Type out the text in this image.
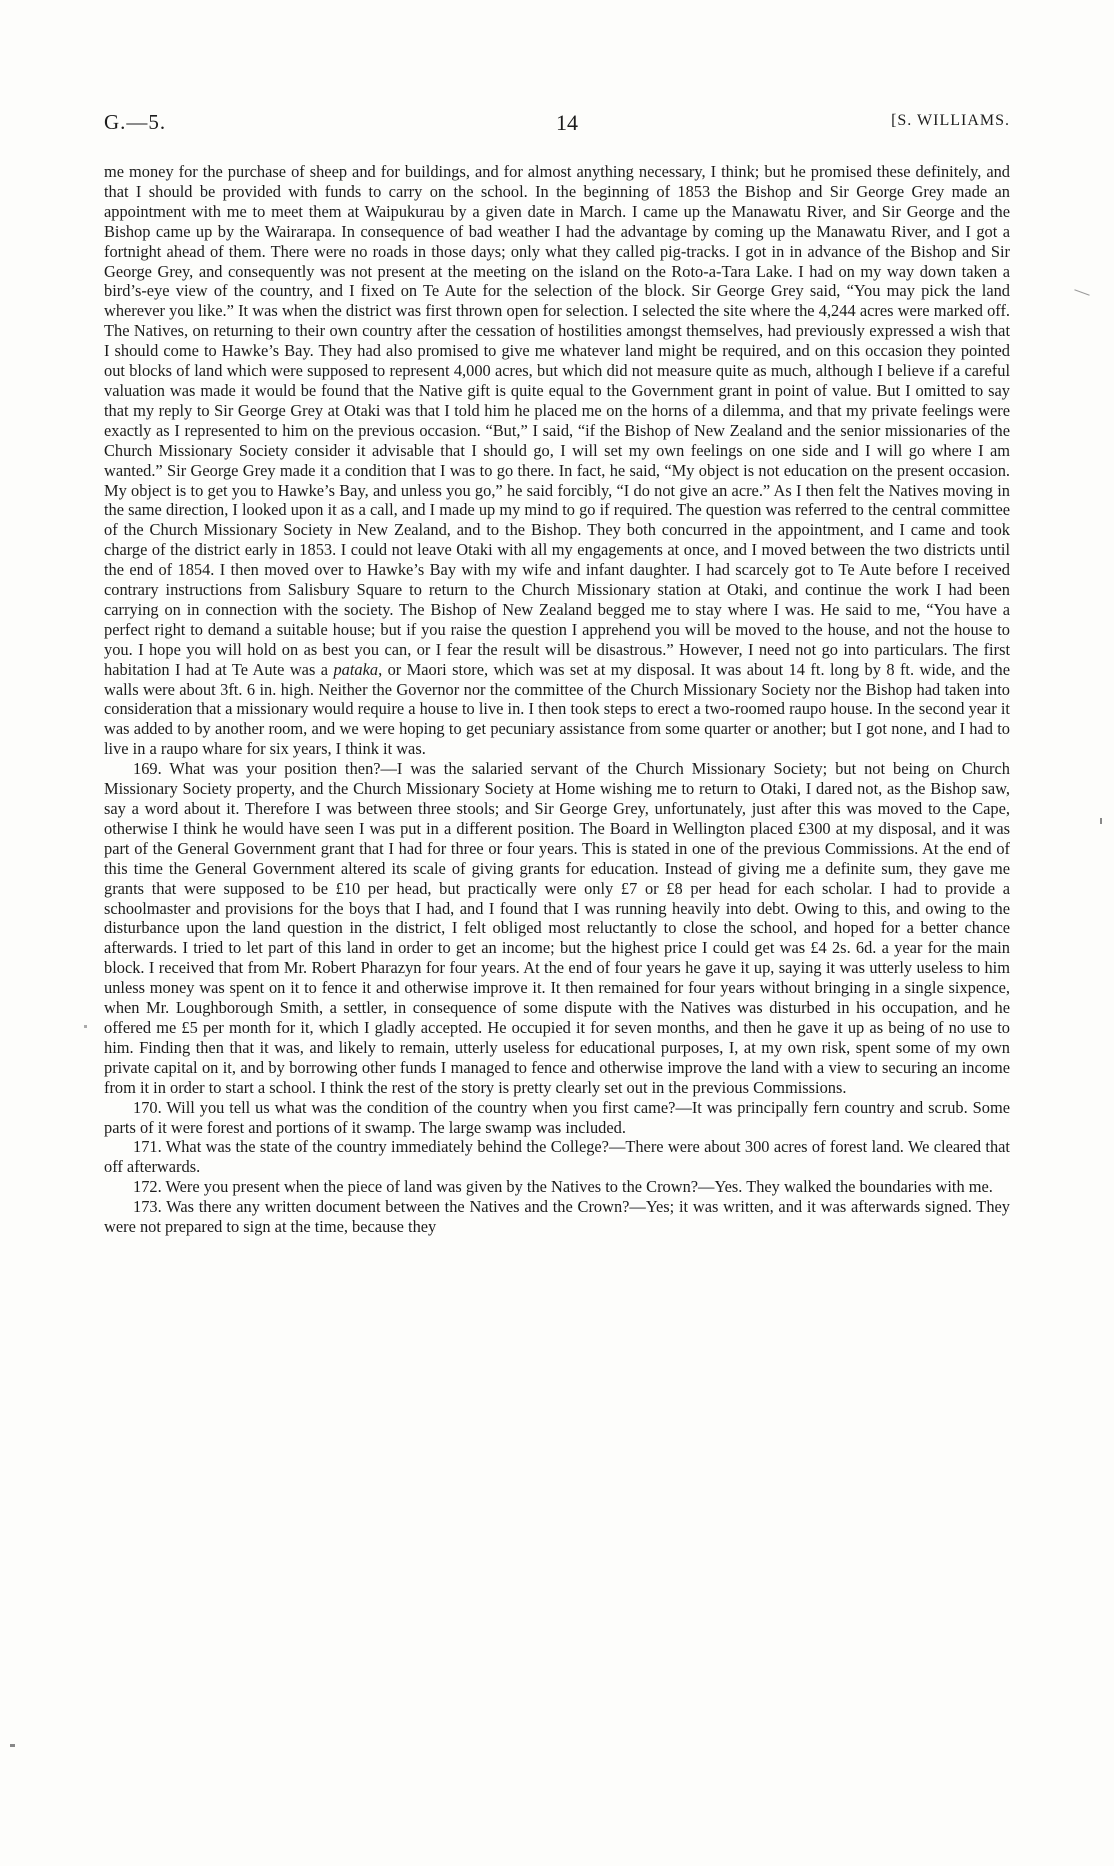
G.—5.	14	[S. WILLIAMS.

me money for the purchase of sheep and for buildings, and for almost anything necessary, I think; but he promised these definitely, and that I should be provided with funds to carry on the school. In the beginning of 1853 the Bishop and Sir George Grey made an appointment with me to meet them at Waipukurau by a given date in March. I came up the Manawatu River, and Sir George and the Bishop came up by the Wairarapa. In consequence of bad weather I had the advantage by coming up the Manawatu River, and I got a fortnight ahead of them. There were no roads in those days; only what they called pig-tracks. I got in in advance of the Bishop and Sir George Grey, and consequently was not present at the meeting on the island on the Roto-a-Tara Lake. I had on my way down taken a bird’s-eye view of the country, and I fixed on Te Aute for the selection of the block. Sir George Grey said, “You may pick the land wherever you like.” It was when the district was first thrown open for selection. I selected the site where the 4,244 acres were marked off. The Natives, on returning to their own country after the cessation of hostilities amongst themselves, had previously expressed a wish that I should come to Hawke’s Bay. They had also promised to give me whatever land might be required, and on this occasion they pointed out blocks of land which were supposed to represent 4,000 acres, but which did not measure quite as much, although I believe if a careful valuation was made it would be found that the Native gift is quite equal to the Government grant in point of value. But I omitted to say that my reply to Sir George Grey at Otaki was that I told him he placed me on the horns of a dilemma, and that my private feelings were exactly as I represented to him on the previous occasion. “But,” I said, “if the Bishop of New Zealand and the senior missionaries of the Church Missionary Society consider it advisable that I should go, I will set my own feelings on one side and I will go where I am wanted.” Sir George Grey made it a condition that I was to go there. In fact, he said, “My object is not education on the present occasion. My object is to get you to Hawke’s Bay, and unless you go,” he said forcibly, “I do not give an acre.” As I then felt the Natives moving in the same direction, I looked upon it as a call, and I made up my mind to go if required. The question was referred to the central committee of the Church Missionary Society in New Zealand, and to the Bishop. They both concurred in the appointment, and I came and took charge of the district early in 1853. I could not leave Otaki with all my engagements at once, and I moved between the two districts until the end of 1854. I then moved over to Hawke’s Bay with my wife and infant daughter. I had scarcely got to Te Aute before I received contrary instructions from Salisbury Square to return to the Church Missionary station at Otaki, and continue the work I had been carrying on in connection with the society. The Bishop of New Zealand begged me to stay where I was. He said to me, “You have a perfect right to demand a suitable house; but if you raise the question I apprehend you will be moved to the house, and not the house to you. I hope you will hold on as best you can, or I fear the result will be disastrous.” However, I need not go into particulars. The first habitation I had at Te Aute was a pataka, or Maori store, which was set at my disposal. It was about 14 ft. long by 8 ft. wide, and the walls were about 3ft. 6 in. high. Neither the Governor nor the committee of the Church Missionary Society nor the Bishop had taken into consideration that a missionary would require a house to live in. I then took steps to erect a two-roomed raupo house. In the second year it was added to by another room, and we were hoping to get pecuniary assistance from some quarter or another; but I got none, and I had to live in a raupo whare for six years, I think it was.

169. What was your position then?—I was the salaried servant of the Church Missionary Society; but not being on Church Missionary Society property, and the Church Missionary Society at Home wishing me to return to Otaki, I dared not, as the Bishop saw, say a word about it. Therefore I was between three stools; and Sir George Grey, unfortunately, just after this was moved to the Cape, otherwise I think he would have seen I was put in a different position. The Board in Wellington placed £300 at my disposal, and it was part of the General Government grant that I had for three or four years. This is stated in one of the previous Commissions. At the end of this time the General Government altered its scale of giving grants for education. Instead of giving me a definite sum, they gave me grants that were supposed to be £10 per head, but practically were only £7 or £8 per head for each scholar. I had to provide a schoolmaster and provisions for the boys that I had, and I found that I was running heavily into debt. Owing to this, and owing to the disturbance upon the land question in the district, I felt obliged most reluctantly to close the school, and hoped for a better chance afterwards. I tried to let part of this land in order to get an income; but the highest price I could get was £4 2s. 6d. a year for the main block. I received that from Mr. Robert Pharazyn for four years. At the end of four years he gave it up, saying it was utterly useless to him unless money was spent on it to fence it and otherwise improve it. It then remained for four years without bringing in a single sixpence, when Mr. Loughborough Smith, a settler, in consequence of some dispute with the Natives was disturbed in his occupation, and he offered me £5 per month for it, which I gladly accepted. He occupied it for seven months, and then he gave it up as being of no use to him. Finding then that it was, and likely to remain, utterly useless for educational purposes, I, at my own risk, spent some of my own private capital on it, and by borrowing other funds I managed to fence and otherwise improve the land with a view to securing an income from it in order to start a school. I think the rest of the story is pretty clearly set out in the previous Commissions.

170. Will you tell us what was the condition of the country when you first came?—It was principally fern country and scrub. Some parts of it were forest and portions of it swamp. The large swamp was included.

171. What was the state of the country immediately behind the College?—There were about 300 acres of forest land. We cleared that off afterwards.

172. Were you present when the piece of land was given by the Natives to the Crown?—Yes. They walked the boundaries with me.

173. Was there any written document between the Natives and the Crown?—Yes; it was written, and it was afterwards signed. They were not prepared to sign at the time, because they
